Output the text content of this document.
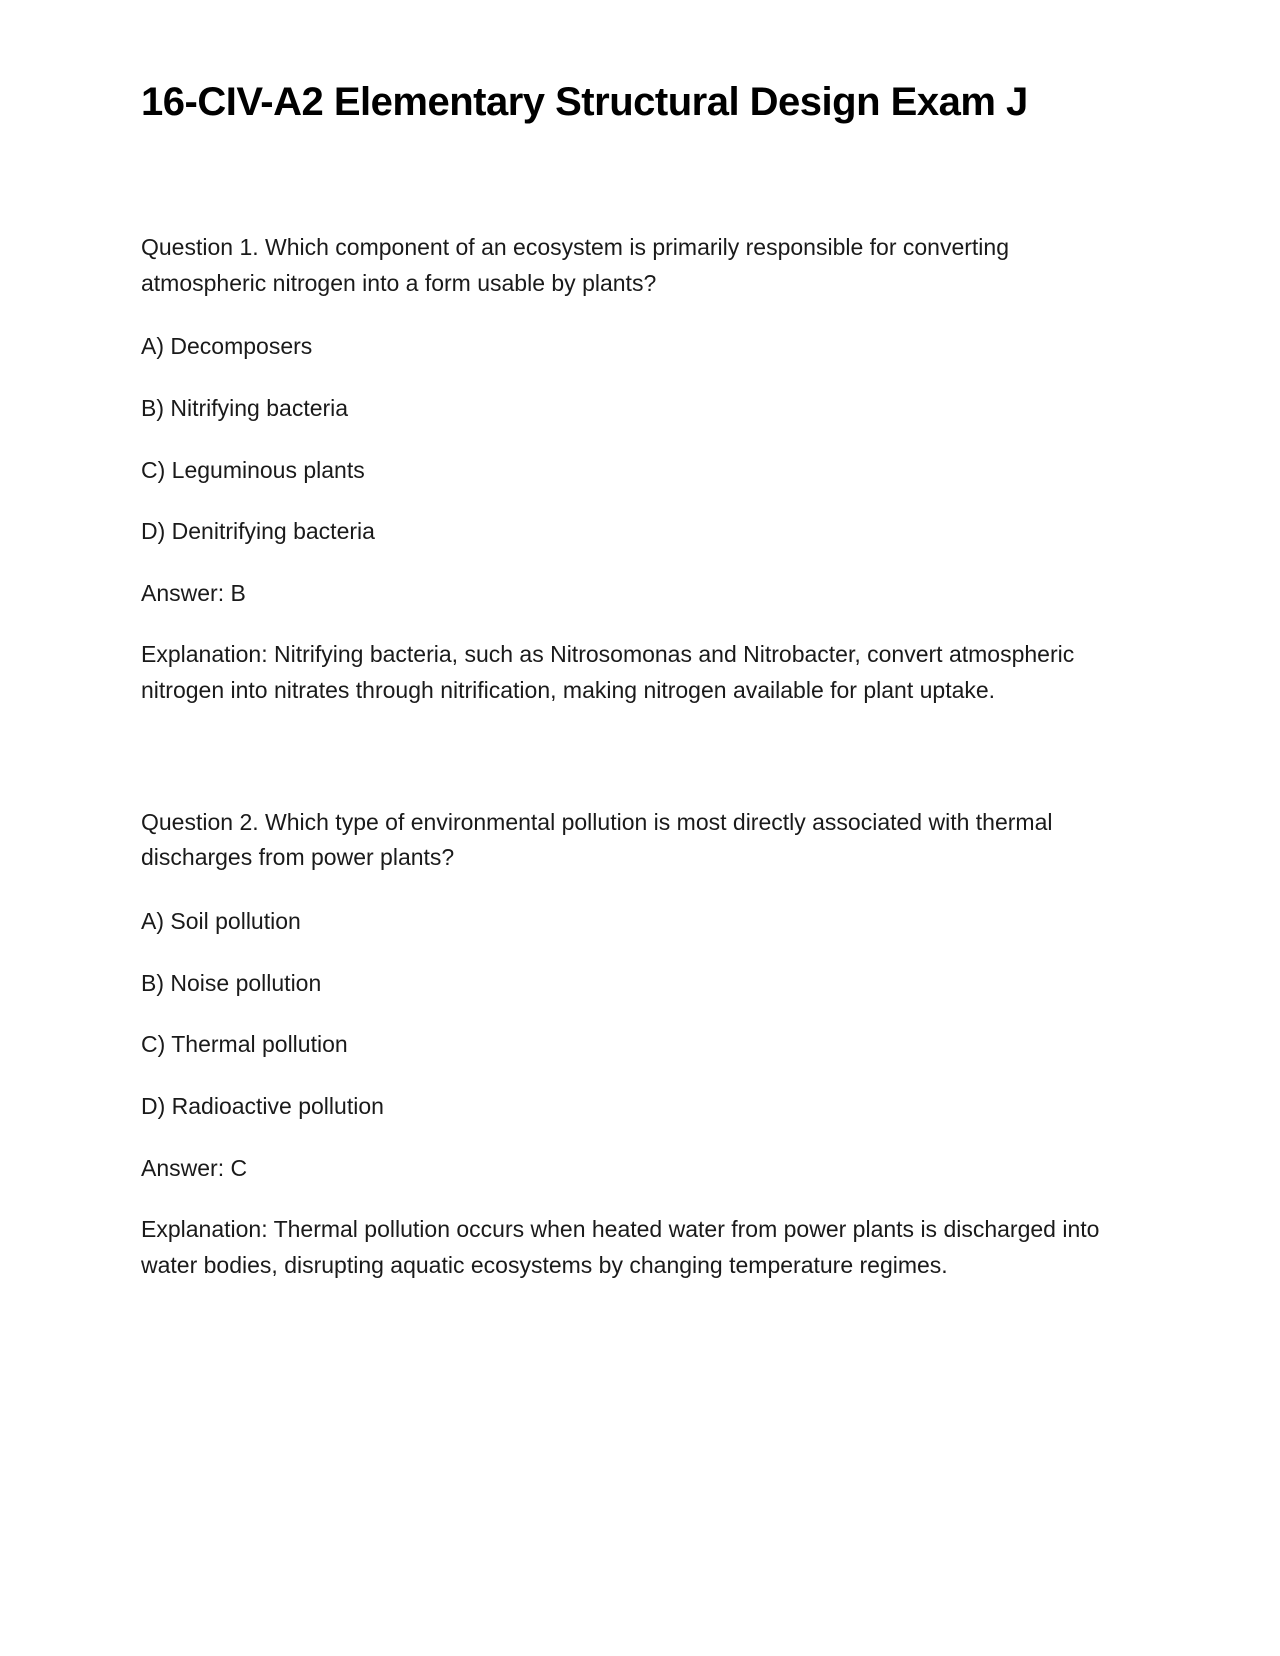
16-CIV-A2 Elementary Structural Design Exam J

Question 1. Which component of an ecosystem is primarily responsible for converting atmospheric nitrogen into a form usable by plants?

A) Decomposers

B) Nitrifying bacteria

C) Leguminous plants

D) Denitrifying bacteria

Answer: B

Explanation: Nitrifying bacteria, such as Nitrosomonas and Nitrobacter, convert atmospheric nitrogen into nitrates through nitrification, making nitrogen available for plant uptake.

Question 2. Which type of environmental pollution is most directly associated with thermal discharges from power plants?

A) Soil pollution

B) Noise pollution

C) Thermal pollution

D) Radioactive pollution

Answer: C

Explanation: Thermal pollution occurs when heated water from power plants is discharged into water bodies, disrupting aquatic ecosystems by changing temperature regimes.
